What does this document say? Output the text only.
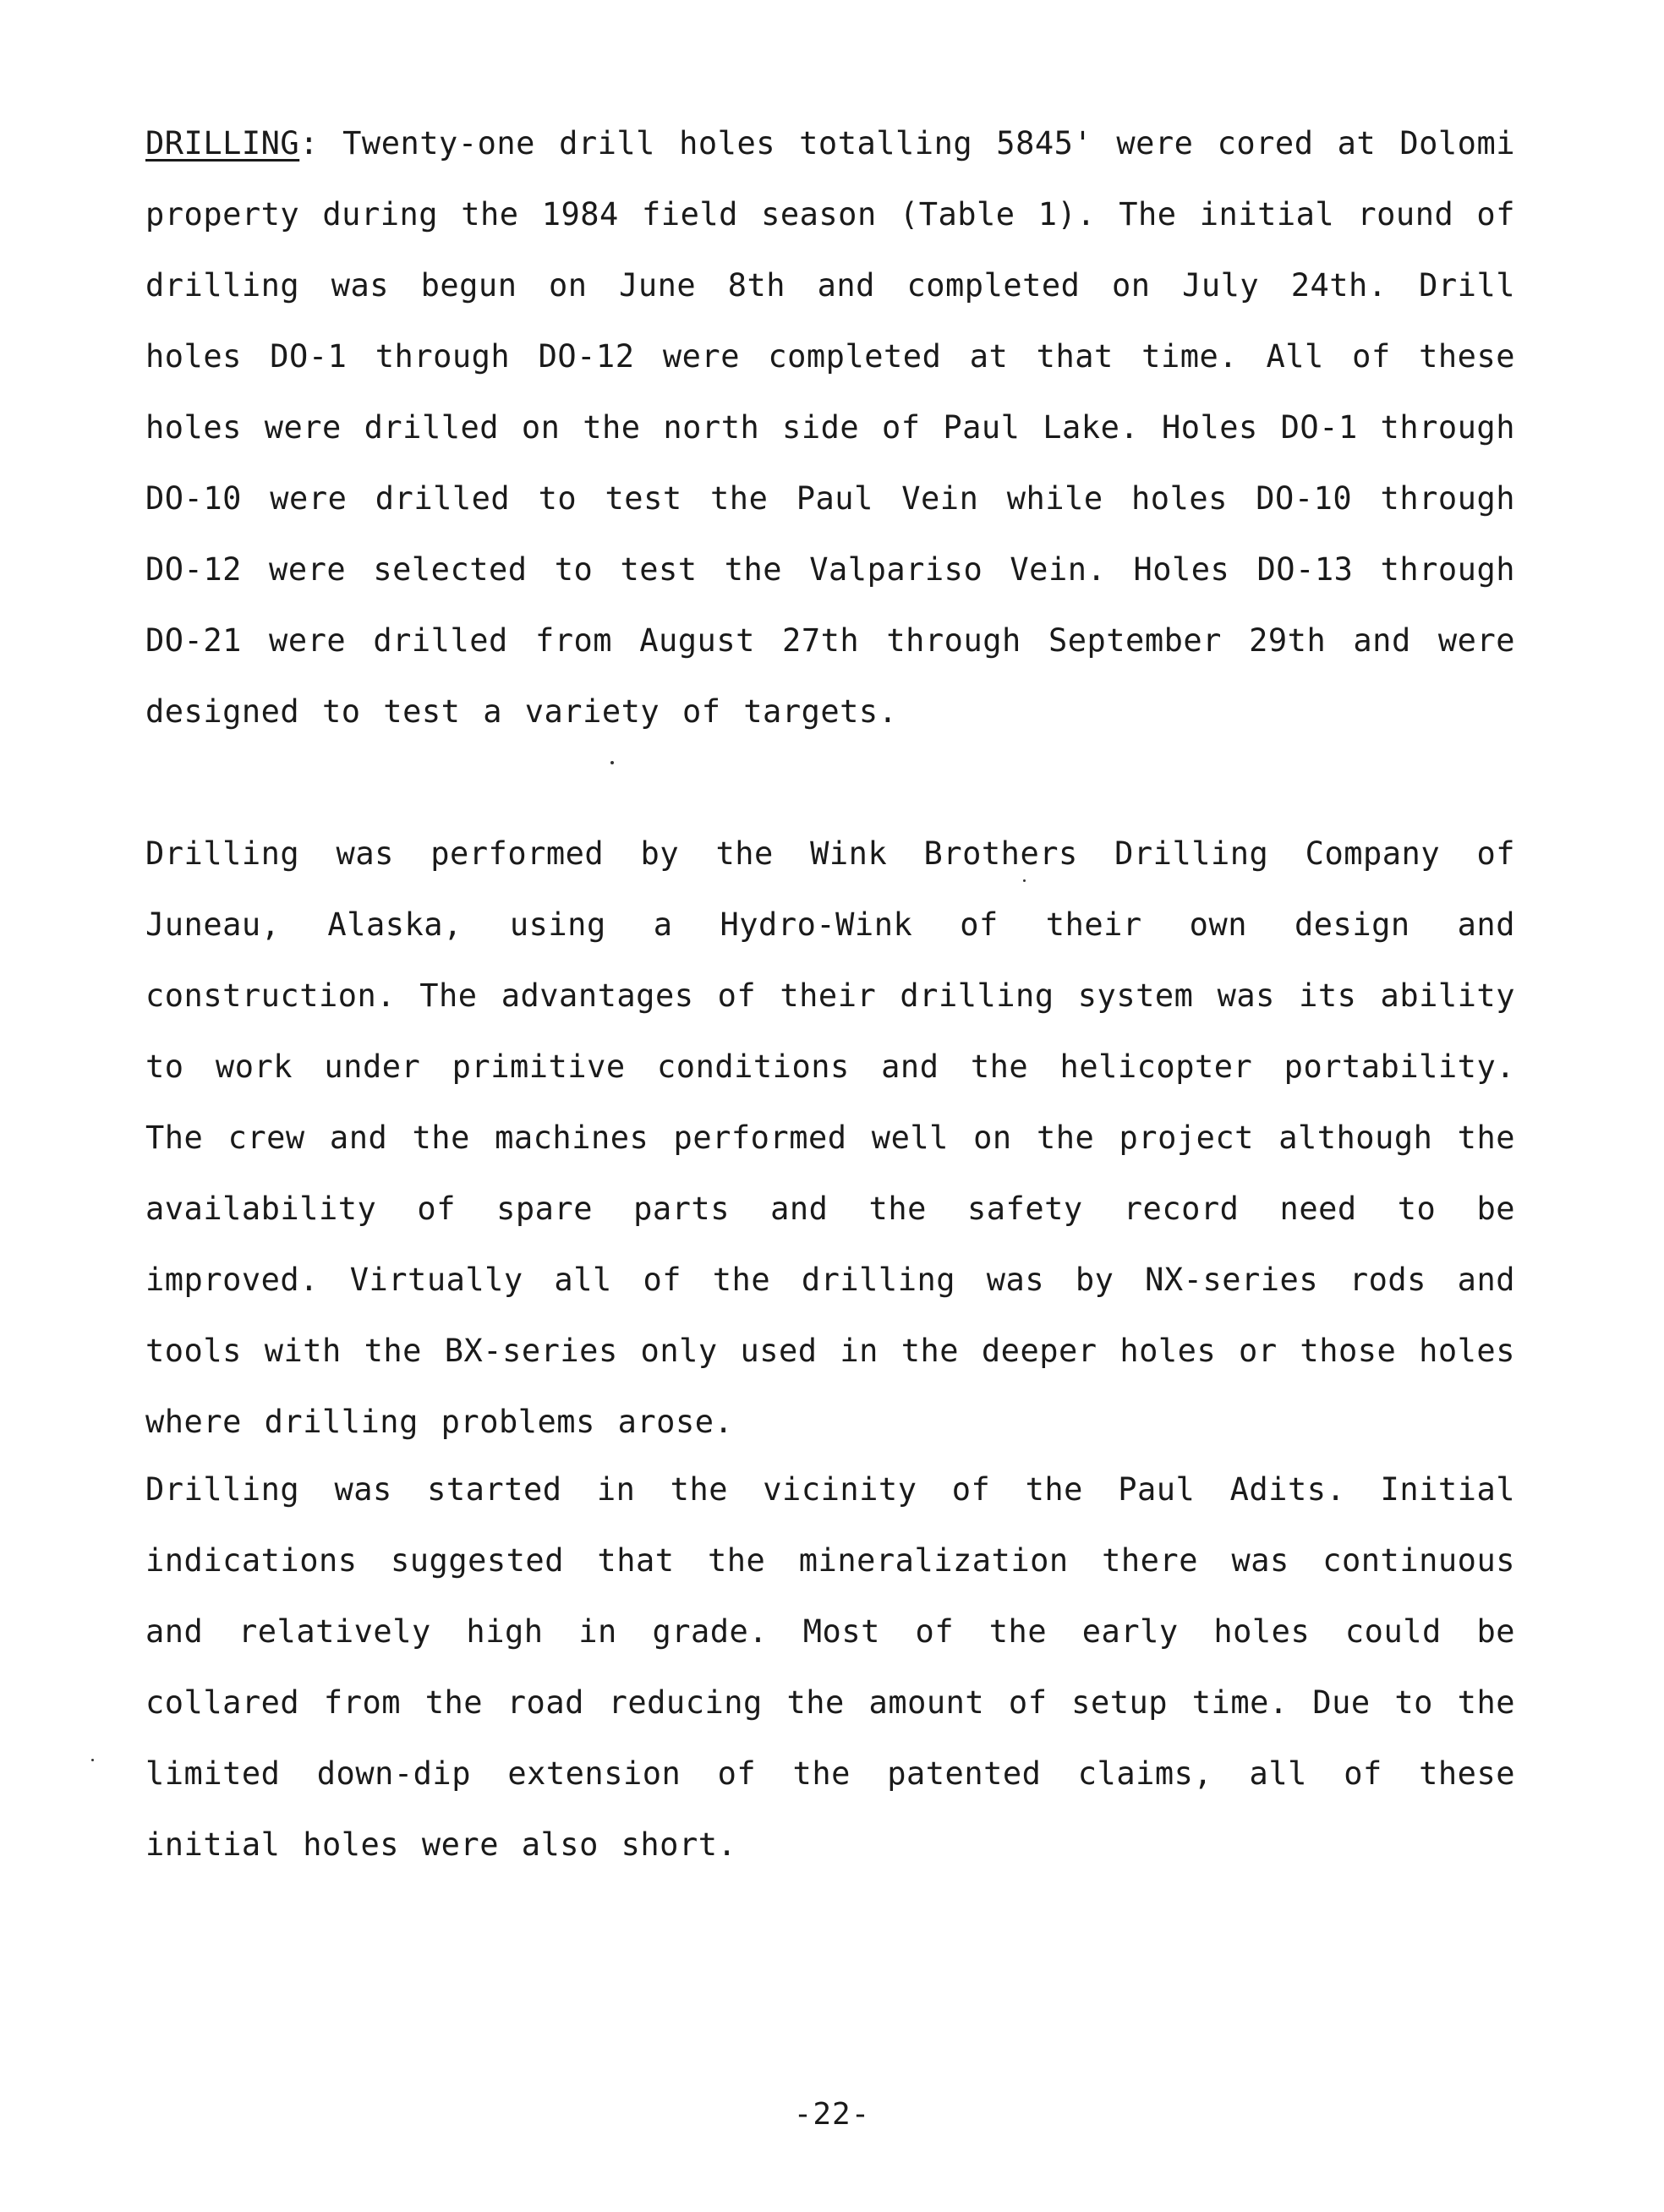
DRILLING: Twenty-one drill holes totalling 5845' were cored at Dolomi property during the 1984 field season (Table 1). The initial round of drilling was begun on June 8th and completed on July 24th. Drill holes DO-1 through DO-12 were completed at that time. All of these holes were drilled on the north side of Paul Lake. Holes DO-1 through DO-10 were drilled to test the Paul Vein while holes DO-10 through DO-12 were selected to test the Valpariso Vein. Holes DO-13 through DO-21 were drilled from August 27th through September 29th and were designed to test a variety of targets.

Drilling was performed by the Wink Brothers Drilling Company of Juneau, Alaska, using a Hydro-Wink of their own design and construction. The advantages of their drilling system was its ability to work under primitive conditions and the helicopter portability. The crew and the machines performed well on the project although the availability of spare parts and the safety record need to be improved. Virtually all of the drilling was by NX-series rods and tools with the BX-series only used in the deeper holes or those holes where drilling problems arose.

Drilling was started in the vicinity of the Paul Adits. Initial indications suggested that the mineralization there was continuous and relatively high in grade. Most of the early holes could be collared from the road reducing the amount of setup time. Due to the limited down-dip extension of the patented claims, all of these initial holes were also short.

-22-
